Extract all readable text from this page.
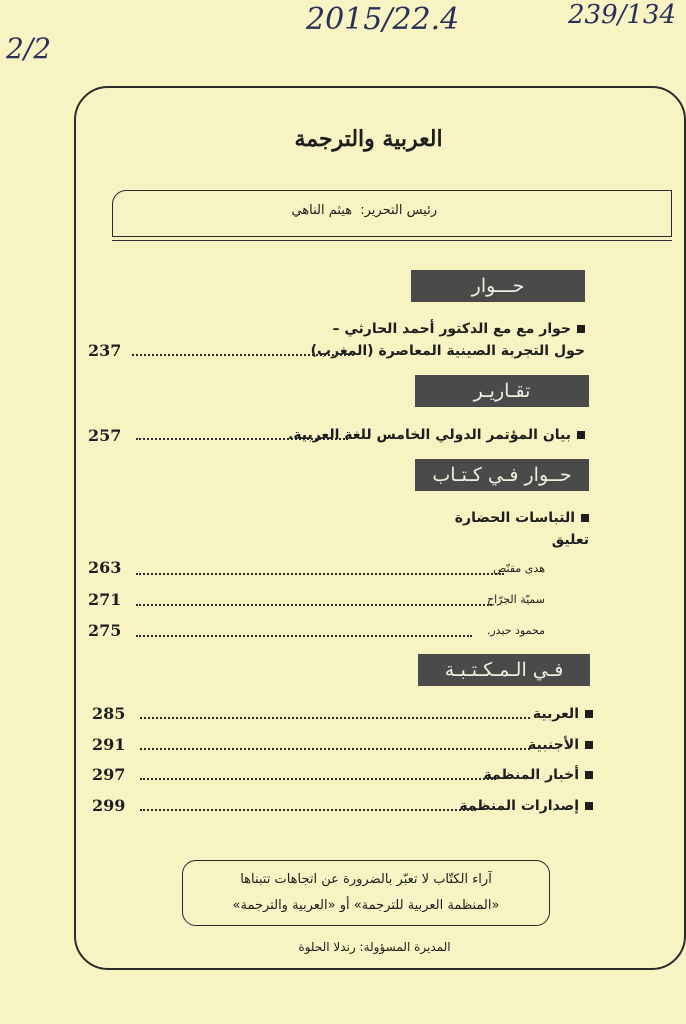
2/2
2015/22.4	239/134
العربية والترجمة
رئيس التحرير: هيثم الناهي
حـــوار
حوار مع مع الدكتور أحمد الحارثي –
حول التجربة الصينية المعاصرة (المغرب)
237
تقـاريـر
بيان المؤتمر الدولي الخامس للغة العربية.
257
حــوار فـي كـتـاب
التباسات الحضارة
تعليق
هدى مقنّص
263
سميّة الجرّاح
271
محمود حيدر.
275
فـي الـمـكـتـبـة
العربية
285
الأجنبية
291
أخبار المنظمة
297
إصدارات المنظمة
299
آراء الكتّاب لا تعبّر بالضرورة عن اتجاهات تتبناها
«المنظمة العربية للترجمة» أو «العربية والترجمة»
المديرة المسؤولة: رندلا الحلوة
